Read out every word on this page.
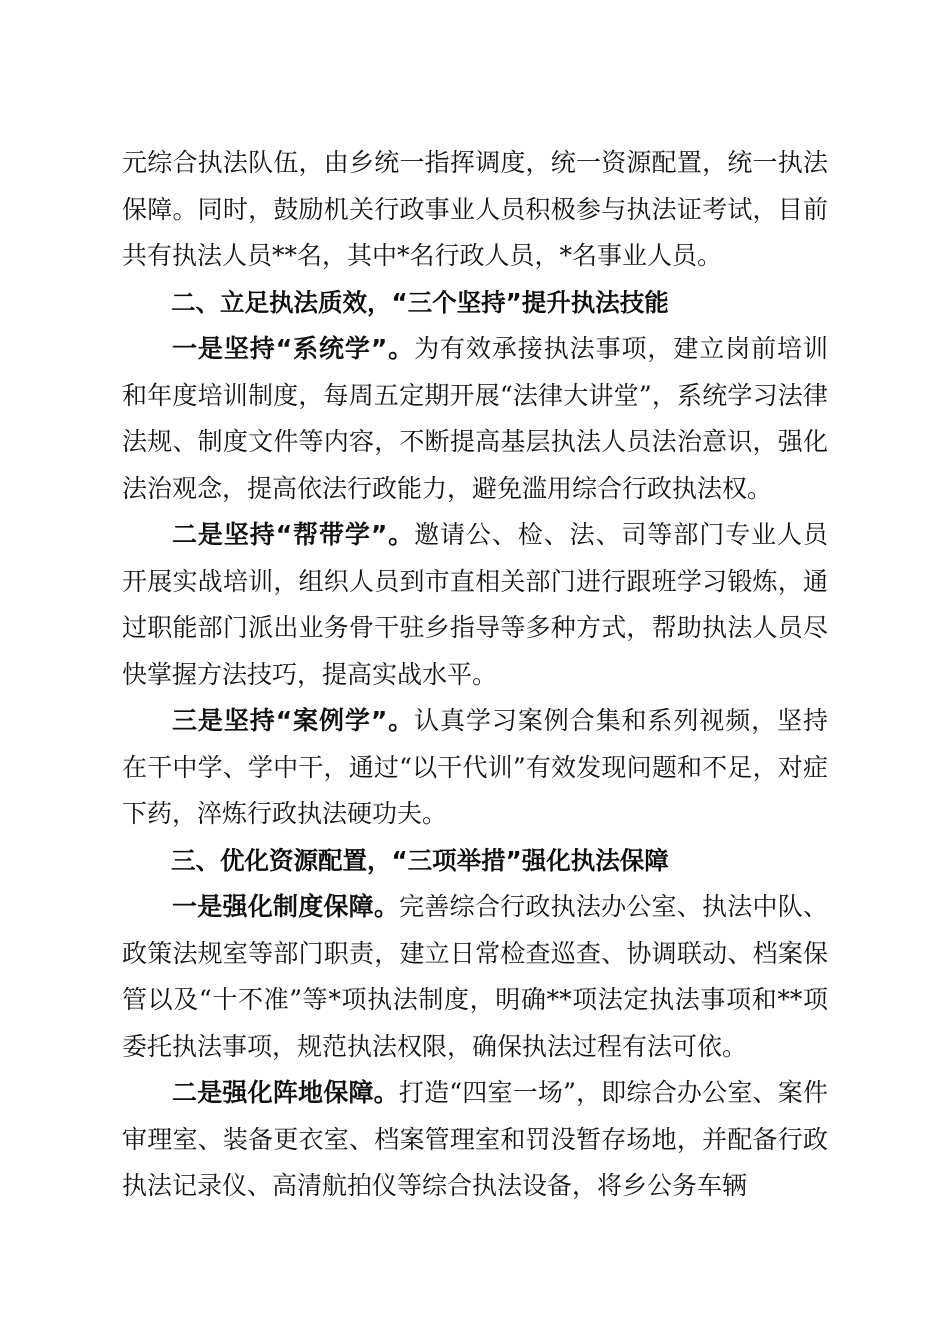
元综合执法队伍，由乡统一指挥调度，统一资源配置，统一执法保障。同时，鼓励机关行政事业人员积极参与执法证考试，目前共有执法人员**名，其中*名行政人员，*名事业人员。

二、立足执法质效，“三个坚持”提升执法技能

一是坚持“系统学”。为有效承接执法事项，建立岗前培训和年度培训制度，每周五定期开展“法律大讲堂”，系统学习法律法规、制度文件等内容，不断提高基层执法人员法治意识，强化法治观念，提高依法行政能力，避免滥用综合行政执法权。

二是坚持“帮带学”。邀请公、检、法、司等部门专业人员开展实战培训，组织人员到市直相关部门进行跟班学习锻炼，通过职能部门派出业务骨干驻乡指导等多种方式，帮助执法人员尽快掌握方法技巧，提高实战水平。

三是坚持“案例学”。认真学习案例合集和系列视频，坚持在干中学、学中干，通过“以干代训”有效发现问题和不足，对症下药，淬炼行政执法硬功夫。

三、优化资源配置，“三项举措”强化执法保障

一是强化制度保障。完善综合行政执法办公室、执法中队、政策法规室等部门职责，建立日常检查巡查、协调联动、档案保管以及“十不准”等*项执法制度，明确**项法定执法事项和**项委托执法事项，规范执法权限，确保执法过程有法可依。

二是强化阵地保障。打造“四室一场”，即综合办公室、案件审理室、装备更衣室、档案管理室和罚没暂存场地，并配备行政执法记录仪、高清航拍仪等综合执法设备，将乡公务车辆
